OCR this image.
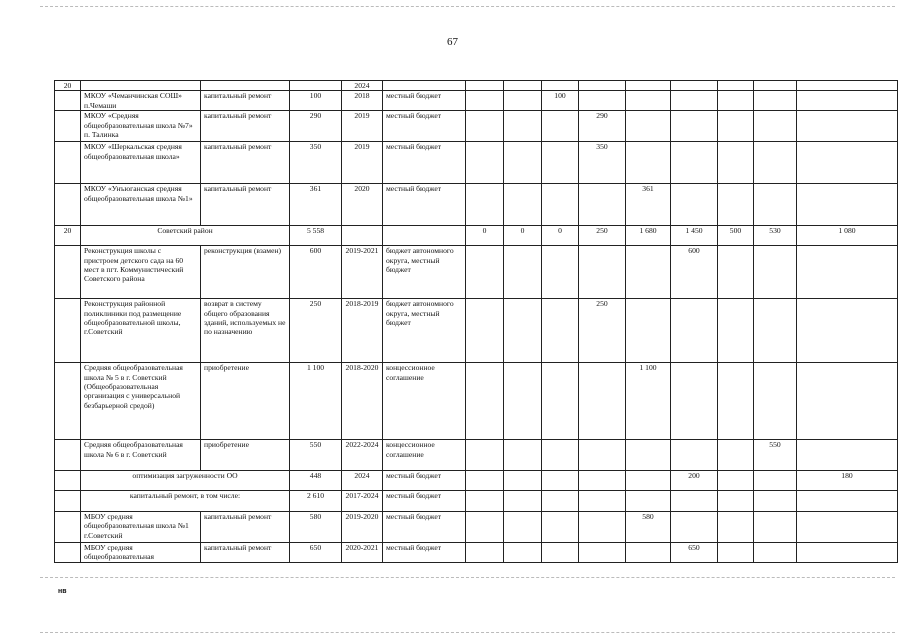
67
20				2024											
	МКОУ «Чеманчинская СОШ» п.Чемаши	капитальный ремонт	100	2018	местный бюджет			100							
	МКОУ «Средняя общеобразовательная школа №7» п. Талинка	капитальный ремонт	290	2019	местный бюджет				290						
	МКОУ «Шеркальская средняя общеобразовательная школа»	капитальный ремонт	350	2019	местный бюджет				350						
	МКОУ «Унъюганская средняя общеобразовательная школа №1»	капитальный ремонт	361	2020	местный бюджет					361					
20	Советский район		5 558			0	0	0	250	1 680	1 450	500	530	1 080	
	Реконструкция школы с пристроем детского сада на 60 мест в пгт. Коммунистический Советского района	реконструкция (взамен)	600	2019-2021	бюджет автономного округа, местный бюджет						600				
	Реконструкция районной поликлиники под размещение общеобразовательной школы, г.Советский	возврат в систему общего образования зданий, используемых не по назначению	250	2018-2019	бюджет автономного округа, местный бюджет				250						
	Средняя общеобразовательная школа № 5 в г. Советский (Общеобразовательная организация с универсальной безбарьерной средой)	приобретение	1 100	2018-2020	концессионное соглашение					1 100					
	Средняя общеобразовательная школа № 6 в г. Советский	приобретение	550	2022-2024	концессионное соглашение								550		
	оптимизация загруженности ОО		448	2024	местный бюджет						200			180	
	капитальный ремонт, в том числе:		2 610	2017-2024	местный бюджет										
	МБОУ средняя общеобразовательная школа №1 г.Советский	капитальный ремонт	580	2019-2020	местный бюджет					580					
	МБОУ средняя общеобразовательная	капитальный ремонт	650	2020-2021	местный бюджет						650				
нв
